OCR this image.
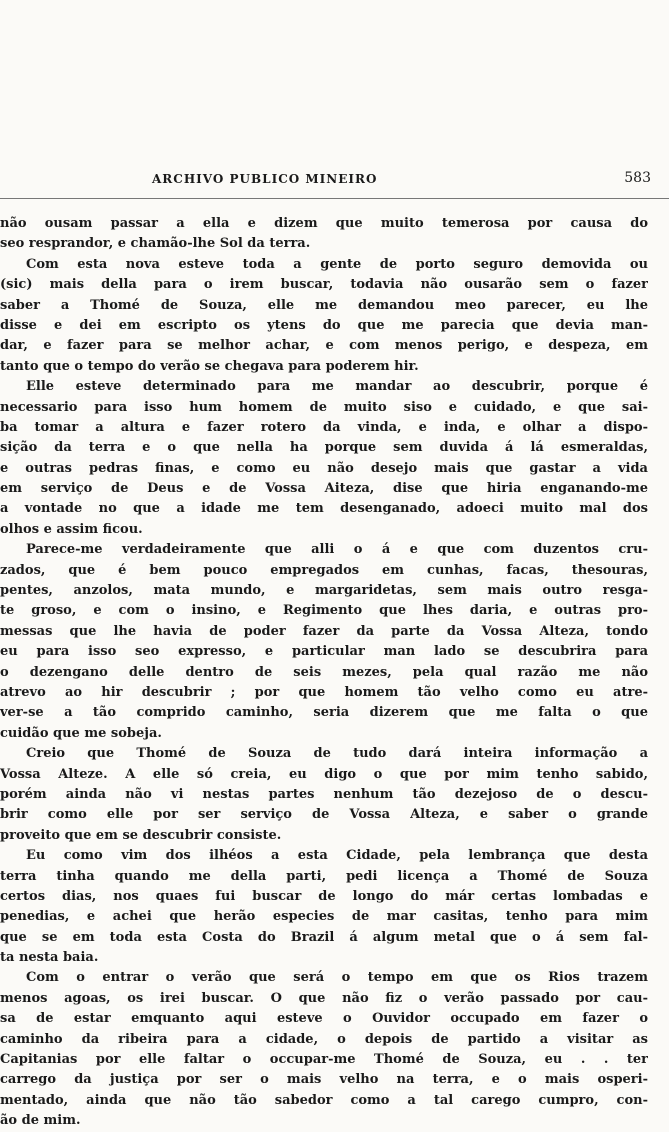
ARCHIVO PUBLICO MINEIRO	583
não ousam passar a ella e dizem que muito temerosa por causa do
seo resprandor, e chamão-lhe Sol da terra.
Com esta nova esteve toda a gente de porto seguro demovida ou
(sic) mais della para o irem buscar, todavia não ousarão sem o fazer
saber a Thomé de Souza, elle me demandou meo parecer, eu lhe
disse e dei em escripto os ytens do que me parecia que devia man-
dar, e fazer para se melhor achar, e com menos perigo, e despeza, em
tanto que o tempo do verão se chegava para poderem hir.
Elle esteve determinado para me mandar ao descubrir, porque é
necessario para isso hum homem de muito siso e cuidado, e que sai-
ba tomar a altura e fazer rotero da vinda, e inda, e olhar a dispo-
sição da terra e o que nella ha porque sem duvida á lá esmeraldas,
e outras pedras finas, e como eu não desejo mais que gastar a vida
em serviço de Deus e de Vossa Aiteza, dise que hiria enganando-me
a vontade no que a idade me tem desenganado, adoeci muito mal dos
olhos e assim ficou.
Parece-me verdadeiramente que alli o á e que com duzentos cru-
zados, que é bem pouco empregados em cunhas, facas, thesouras,
pentes, anzolos, mata mundo, e margaridetas, sem mais outro resga-
te groso, e com o insino, e Regimento que lhes daria, e outras pro-
messas que lhe havia de poder fazer da parte da Vossa Alteza, tondo
eu para isso seo expresso, e particular man lado se descubrira para
o dezengano delle dentro de seis mezes, pela qual razão me não
atrevo ao hir descubrir ; por que homem tão velho como eu atre-
ver-se a tão comprido caminho, seria dizerem que me falta o que
cuidão que me sobeja.
Creio que Thomé de Souza de tudo dará inteira informação a
Vossa Alteze. A elle só creia, eu digo o que por mim tenho sabido,
porém ainda não vi nestas partes nenhum tão dezejoso de o descu-
brir como elle por ser serviço de Vossa Alteza, e saber o grande
proveito que em se descubrir consiste.
Eu como vim dos ilhéos a esta Cidade, pela lembrança que desta
terra tinha quando me della parti, pedi licença a Thomé de Souza
certos dias, nos quaes fui buscar de longo do már certas lombadas e
penedias, e achei que herão especies de mar casitas, tenho para mim
que se em toda esta Costa do Brazil á algum metal que o á sem fal-
ta nesta baia.
Com o entrar o verão que será o tempo em que os Rios trazem
menos agoas, os irei buscar. O que não fiz o verão passado por cau-
sa de estar emquanto aqui esteve o Ouvidor occupado em fazer o
caminho da ribeira para a cidade, o depois de partido a visitar as
Capitanias por elle faltar o occupar-me Thomé de Souza, eu . . ter
carrego da justiça por ser o mais velho na terra, e o mais osperi-
mentado, ainda que não tão sabedor como a tal carego cumpro, con-
ão de mim.
